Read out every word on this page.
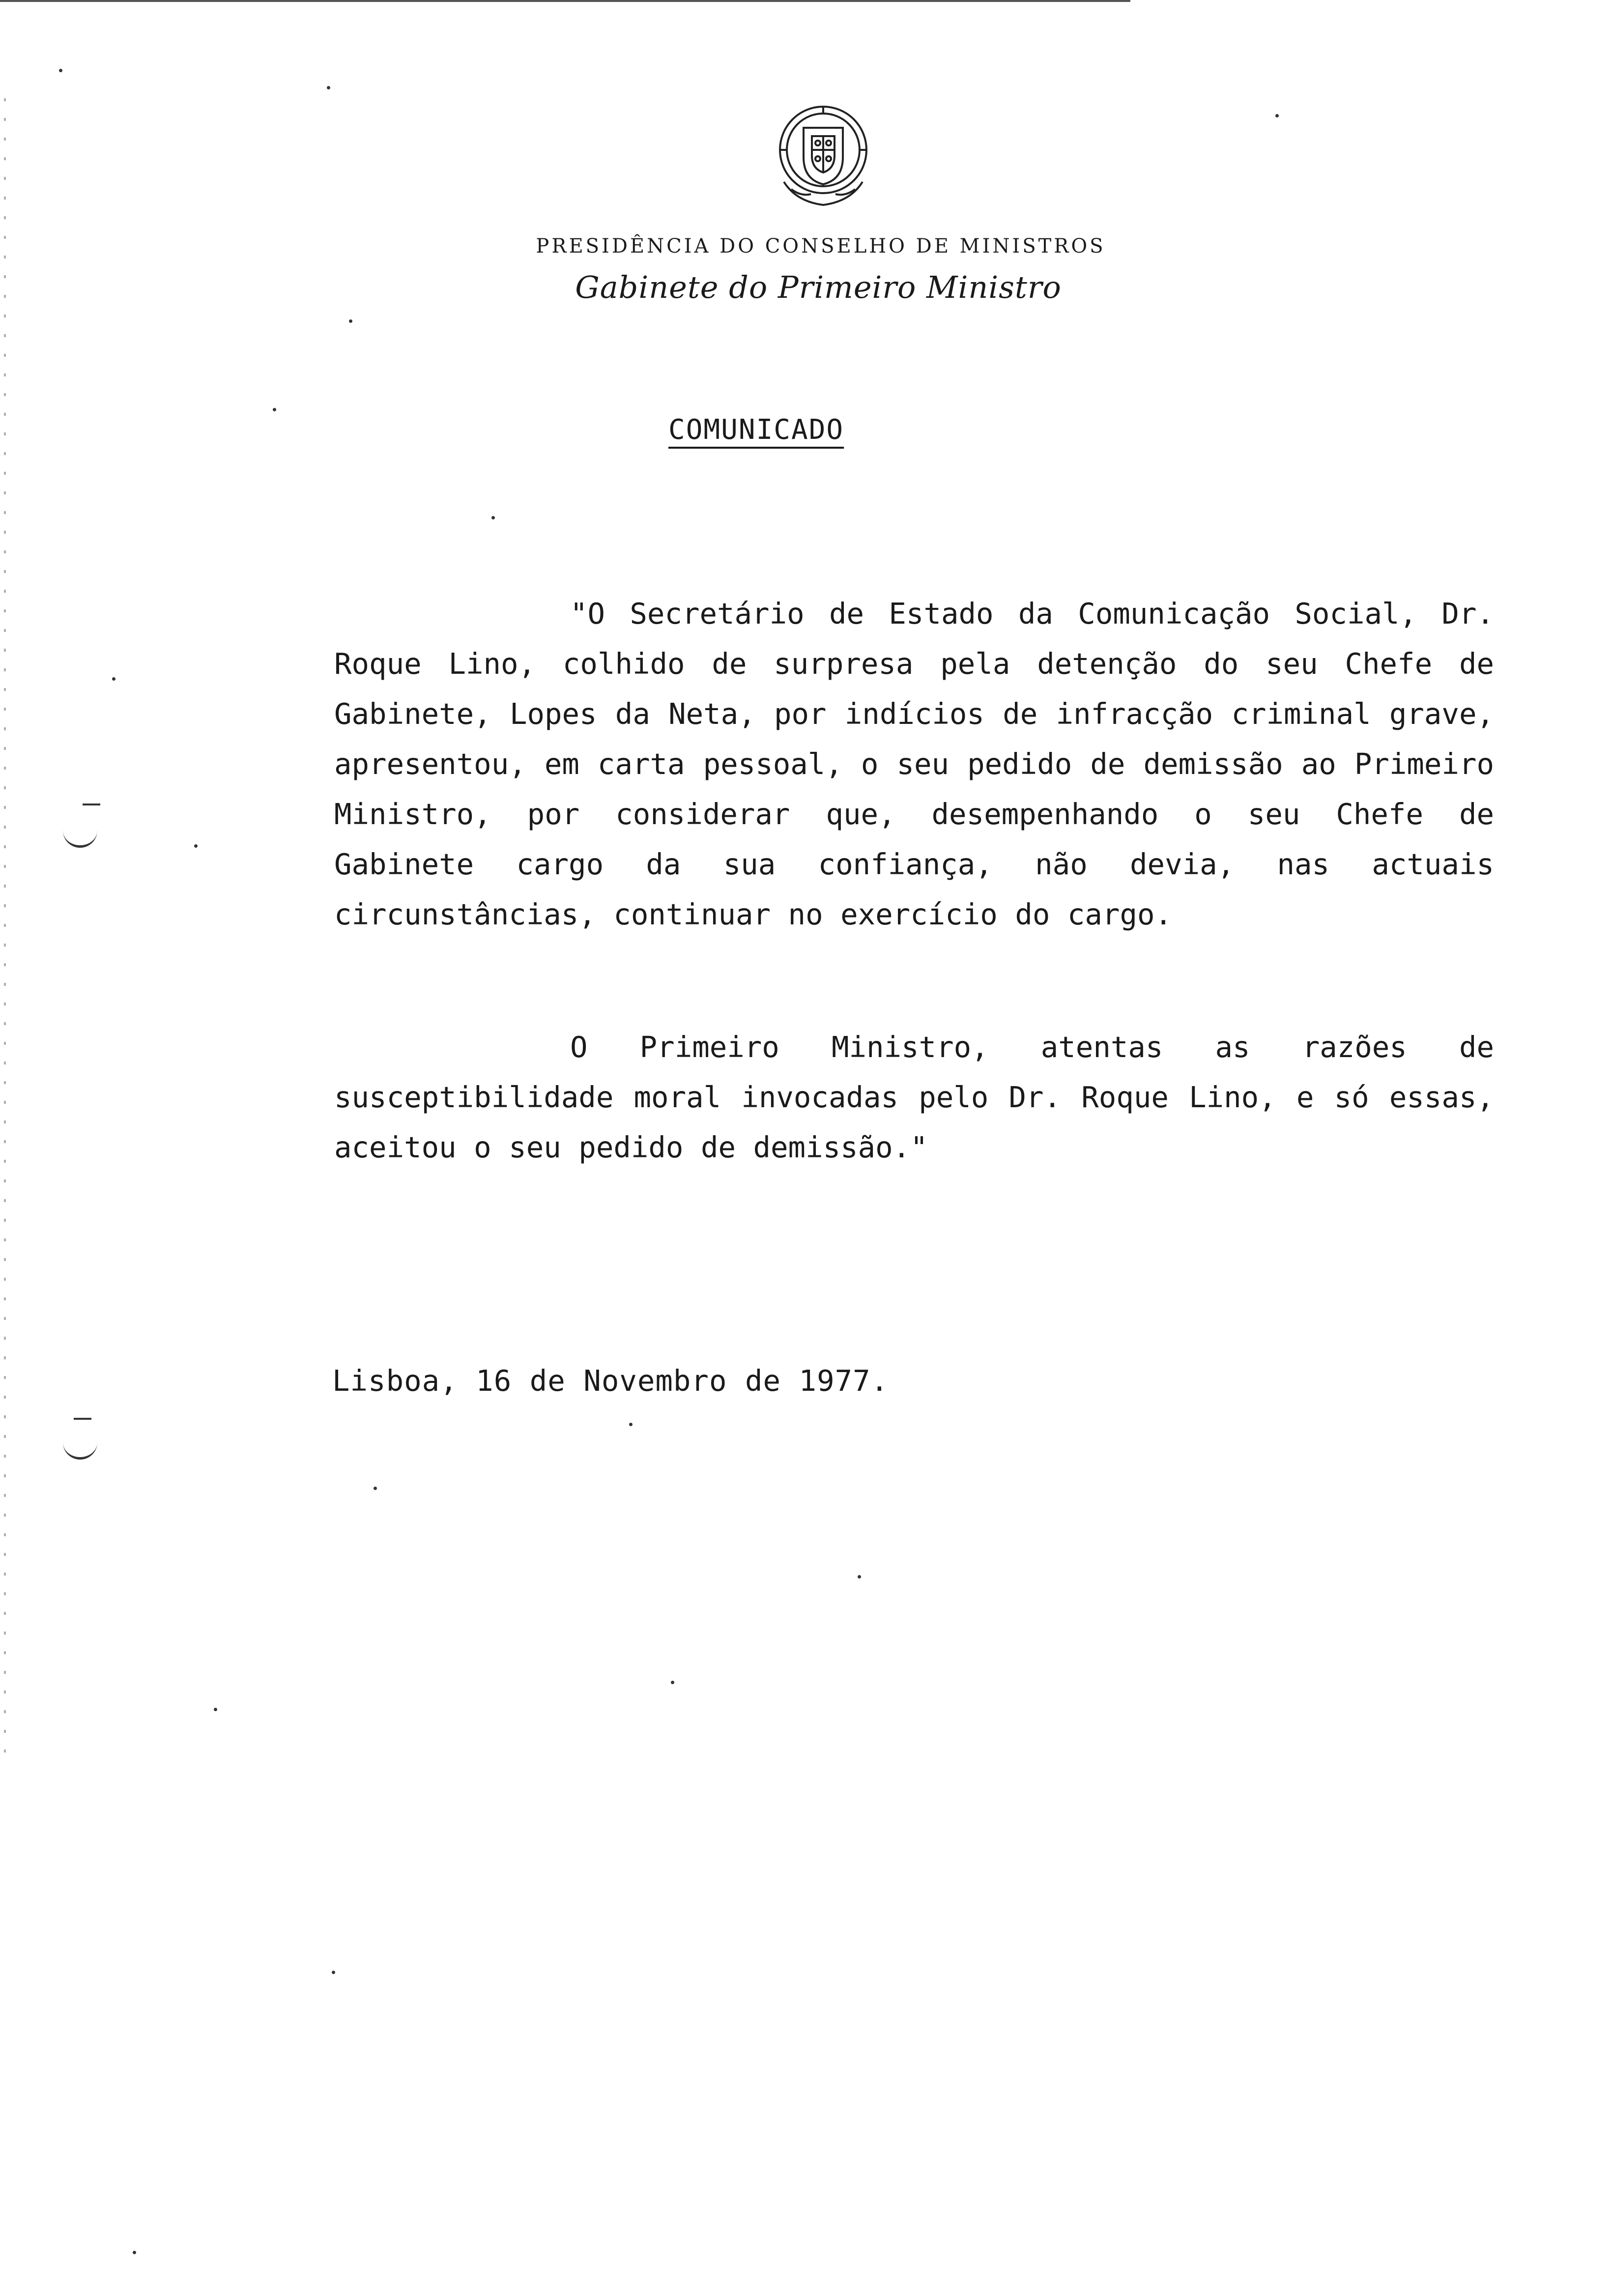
PRESIDÊNCIA DO CONSELHO DE MINISTROS
Gabinete do Primeiro Ministro
COMUNICADO

"O Secretário de Estado da Comunicação Social, Dr. Roque Lino, colhido de surpresa pela detenção do seu Chefe de Gabinete, Lopes da Neta, por indícios de infracção criminal grave, apresentou, em carta pessoal, o seu pedido de demissão ao Primeiro Ministro, por considerar que, desempenhando o seu Chefe de Gabinete cargo da sua confiança, não devia, nas actuais circunstâncias, continuar no exercício do cargo.

O Primeiro Ministro, atentas as razões de susceptibilidade moral invocadas pelo Dr. Roque Lino, e só essas, aceitou o seu pedido de demissão."

Lisboa, 16 de Novembro de 1977.
